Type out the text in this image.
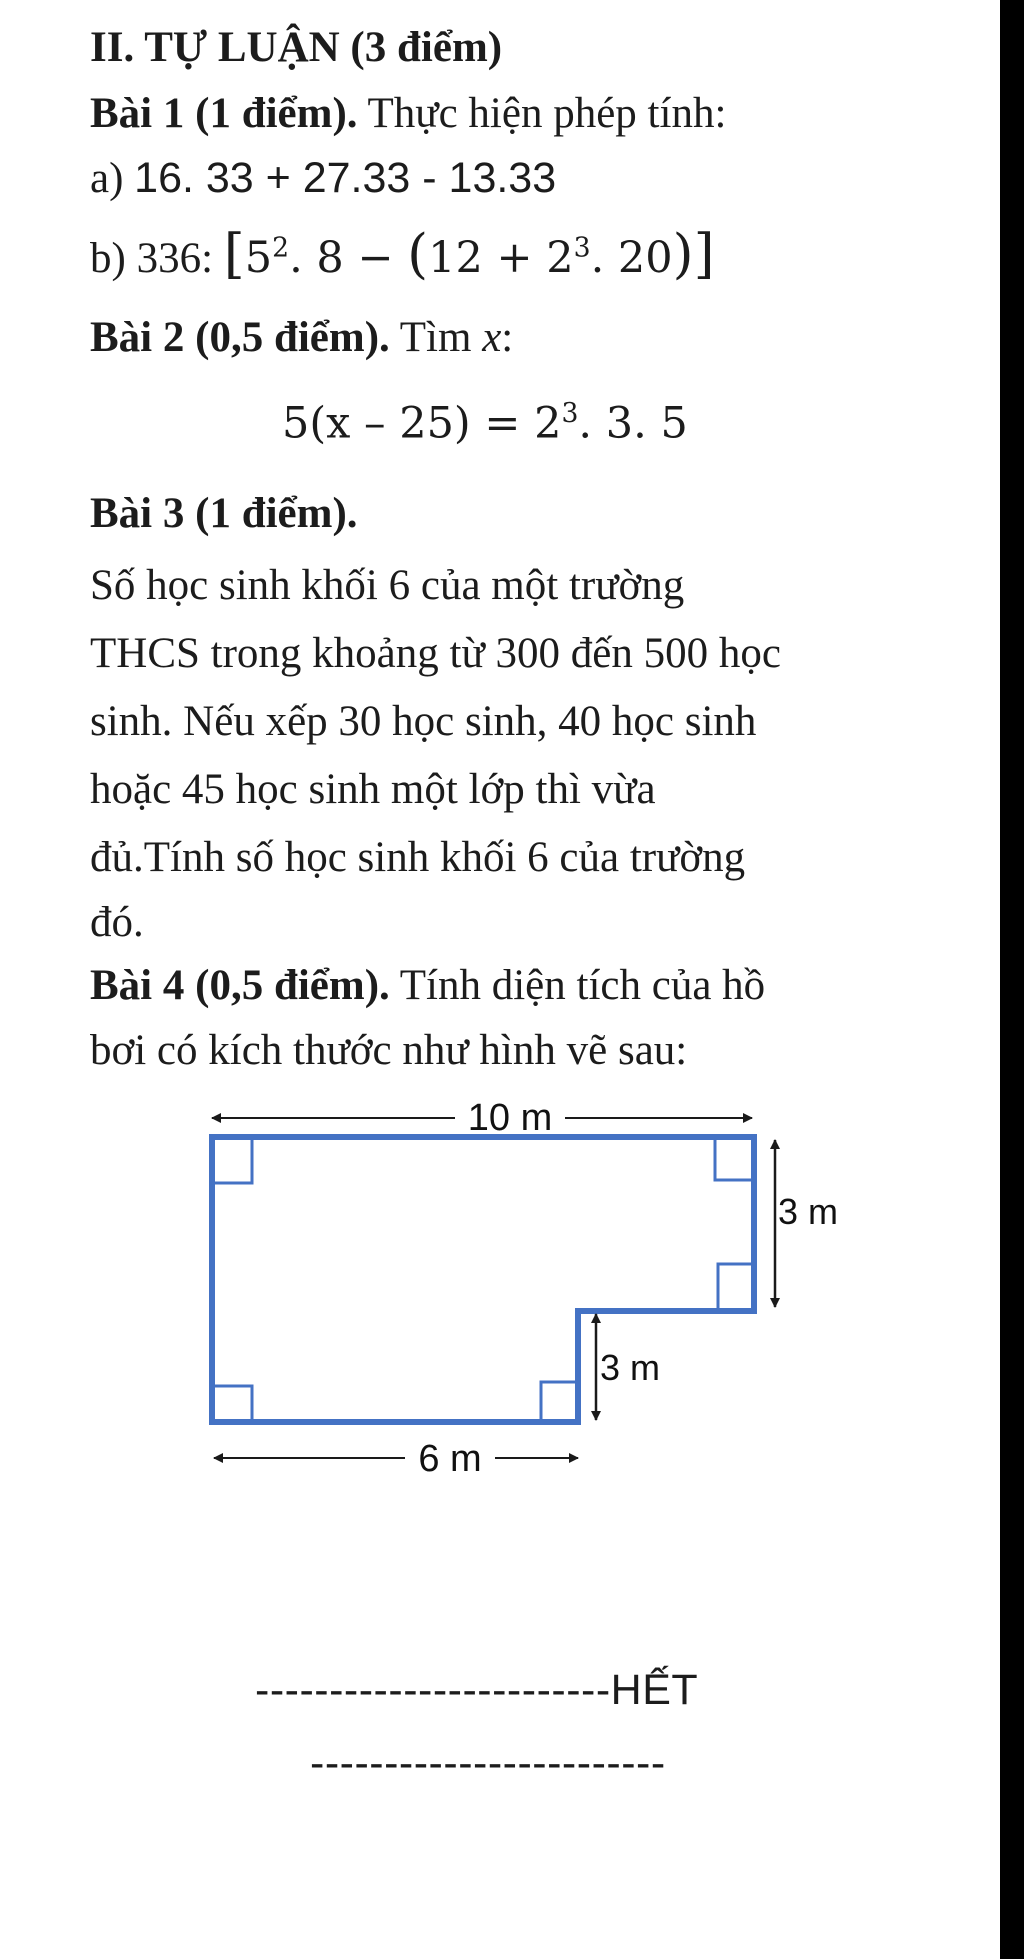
II. TỰ LUẬN (3 điểm)
Bài 1 (1 điểm). Thực hiện phép tính:
a) 16. 33 + 27.33 - 13.33
b) 336: [$5^2$. $8 - (12 + 2^3$. 20)]
Bài 2 (0,5 điểm). Tìm x:
$5(x - 25) = 2^3$. 3. 5
Bài 3 (1 điểm).
Số học sinh khối 6 của một trường
THCS trong khoảng từ 300 đến 500 học
sinh. Nếu xếp 30 học sinh, 40 học sinh
hoặc 45 học sinh một lớp thì vừa
đủ.Tính số học sinh khối 6 của trường
đó.
Bài 4 (0,5 điểm). Tính diện tích của hồ
bơi có kích thước như hình vẽ sau:
10 m
3 m
3 m
6 m
------------------------HẾT
------------------------
